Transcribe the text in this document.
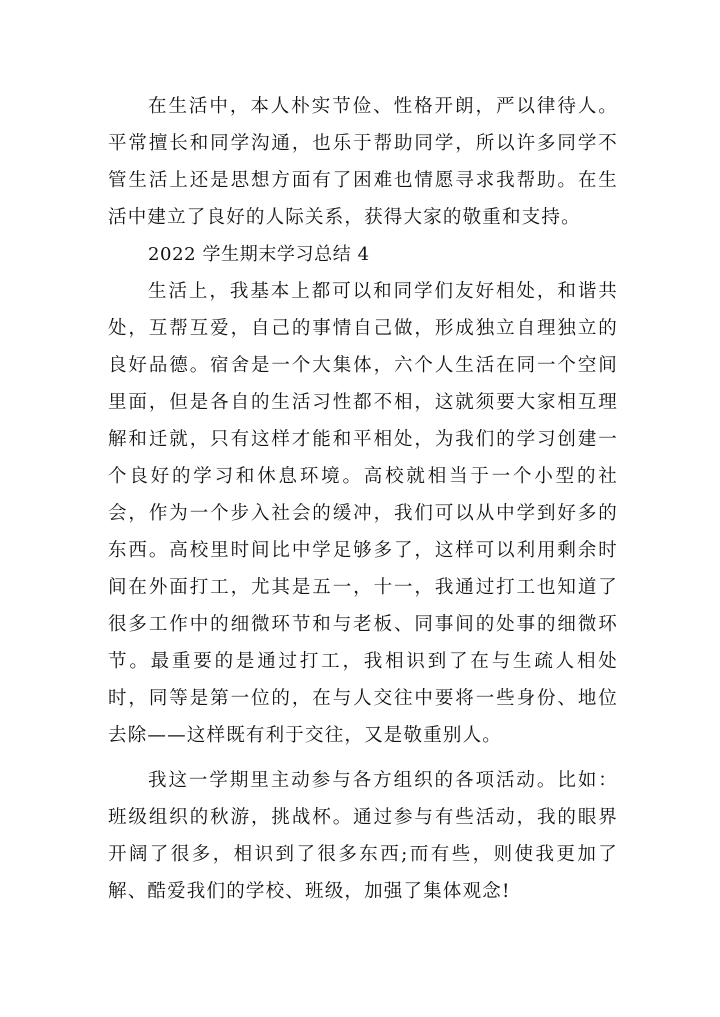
在生活中，本人朴实节俭、性格开朗，严以律待人。平常擅长和同学沟通，也乐于帮助同学，所以许多同学不管生活上还是思想方面有了困难也情愿寻求我帮助。在生活中建立了良好的人际关系，获得大家的敬重和支持。

2022 学生期末学习总结 4

生活上，我基本上都可以和同学们友好相处，和谐共处，互帮互爱，自己的事情自己做，形成独立自理独立的良好品德。宿舍是一个大集体，六个人生活在同一个空间里面，但是各自的生活习性都不相，这就须要大家相互理解和迁就，只有这样才能和平相处，为我们的学习创建一个良好的学习和休息环境。高校就相当于一个小型的社会，作为一个步入社会的缓冲，我们可以从中学到好多的东西。高校里时间比中学足够多了，这样可以利用剩余时间在外面打工，尤其是五一，十一，我通过打工也知道了很多工作中的细微环节和与老板、同事间的处事的细微环节。最重要的是通过打工，我相识到了在与生疏人相处时，同等是第一位的，在与人交往中要将一些身份、地位去除——这样既有利于交往，又是敬重别人。

我这一学期里主动参与各方组织的各项活动。比如：班级组织的秋游，挑战杯。通过参与有些活动，我的眼界开阔了很多，相识到了很多东西;而有些，则使我更加了解、酷爱我们的学校、班级，加强了集体观念!
